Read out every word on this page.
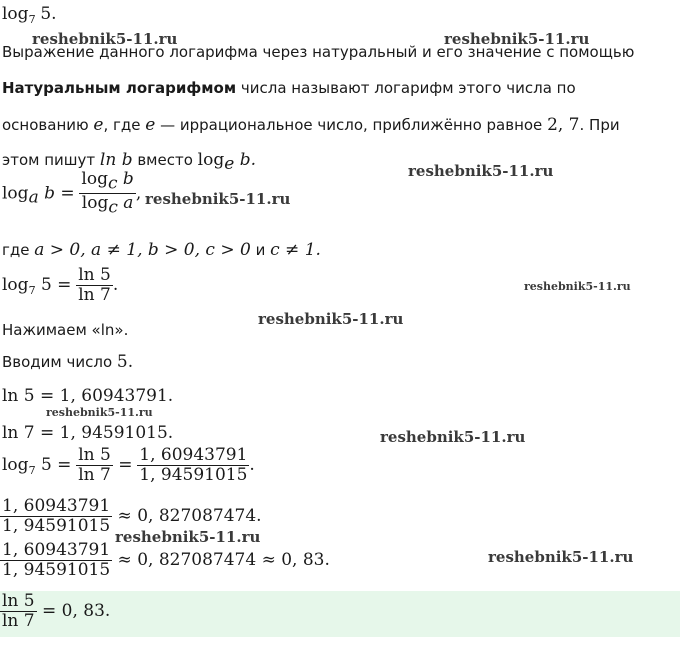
$\log_7 5$.
Выражение данного логарифма через натуральный и его значение с помощью
Натуральным логарифмом числа называют логарифм этого числа по
основанию e, где e — иррациональное число, приближённо равное 2, 7. При
этом пишут ln b вместо $\log_e b$.
$\log_a b = \frac{\log_c b}{\log_c a}$ ,
где a > 0, a ≠ 1, b > 0, c > 0 и c ≠ 1.
$\log_7 5 = \frac{\ln 5}{\ln 7}$ .
Нажимаем «ln».
Вводим число 5.
ln 5 = 1, 60943791.
ln 7 = 1, 94591015.
$\log_7 5 = \frac{\ln 5}{\ln 7} = \frac{1, 60943791}{1, 94591015}$ .
$\frac{1, 60943791}{1, 94591015} \approx 0$, 827087474.
$\frac{1, 60943791}{1, 94591015} \approx 0$, 827087474 ≈ 0, 83.
$\frac{\ln 5}{\ln 7} = 0$, 83.
reshebnik5-11.ru	reshebnik5-11.ru
reshebnik5-11.ru
reshebnik5-11.ru
reshebnik5-11.ru
reshebnik5-11.ru
reshebnik5-11.ru
reshebnik5-11.ru
reshebnik5-11.ru
reshebnik5-11.ru
